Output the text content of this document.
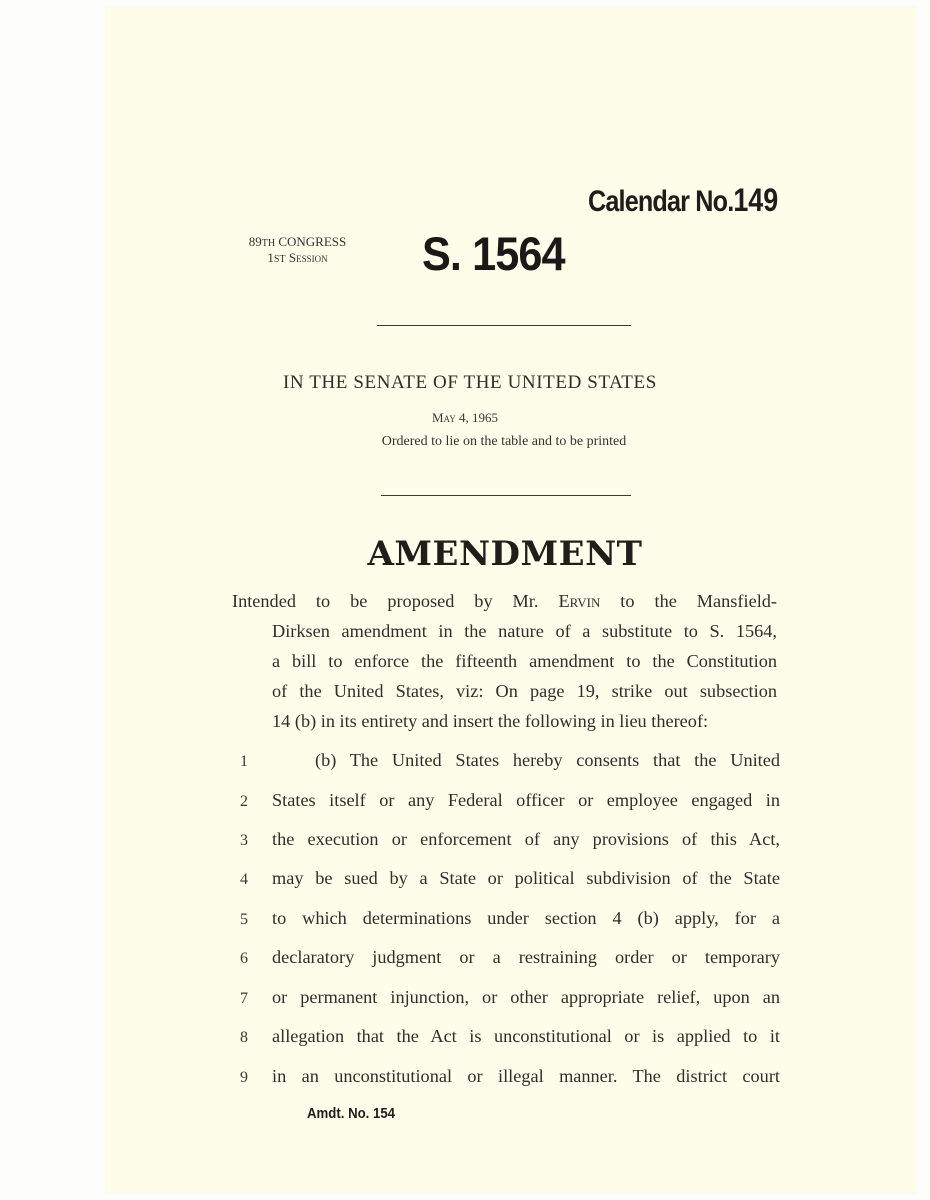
Calendar No.149
89TH CONGRESS
1ST Session	S. 1564
IN THE SENATE OF THE UNITED STATES
May 4, 1965
Ordered to lie on the table and to be printed
AMENDMENT
Intended to be proposed by Mr. Ervin to the Mansfield-
Dirksen amendment in the nature of a substitute to S. 1564,
a bill to enforce the fifteenth amendment to the Constitution
of the United States, viz: On page 19, strike out subsection
14 (b) in its entirety and insert the following in lieu thereof:
1	(b) The United States hereby consents that the United
2 States itself or any Federal officer or employee engaged in
3 the execution or enforcement of any provisions of this Act,
4 may be sued by a State or political subdivision of the State
5 to which determinations under section 4 (b) apply, for a
6 declaratory judgment or a restraining order or temporary
7 or permanent injunction, or other appropriate relief, upon an
8 allegation that the Act is unconstitutional or is applied to it
9 in an unconstitutional or illegal manner. The district court
Amdt. No. 154
